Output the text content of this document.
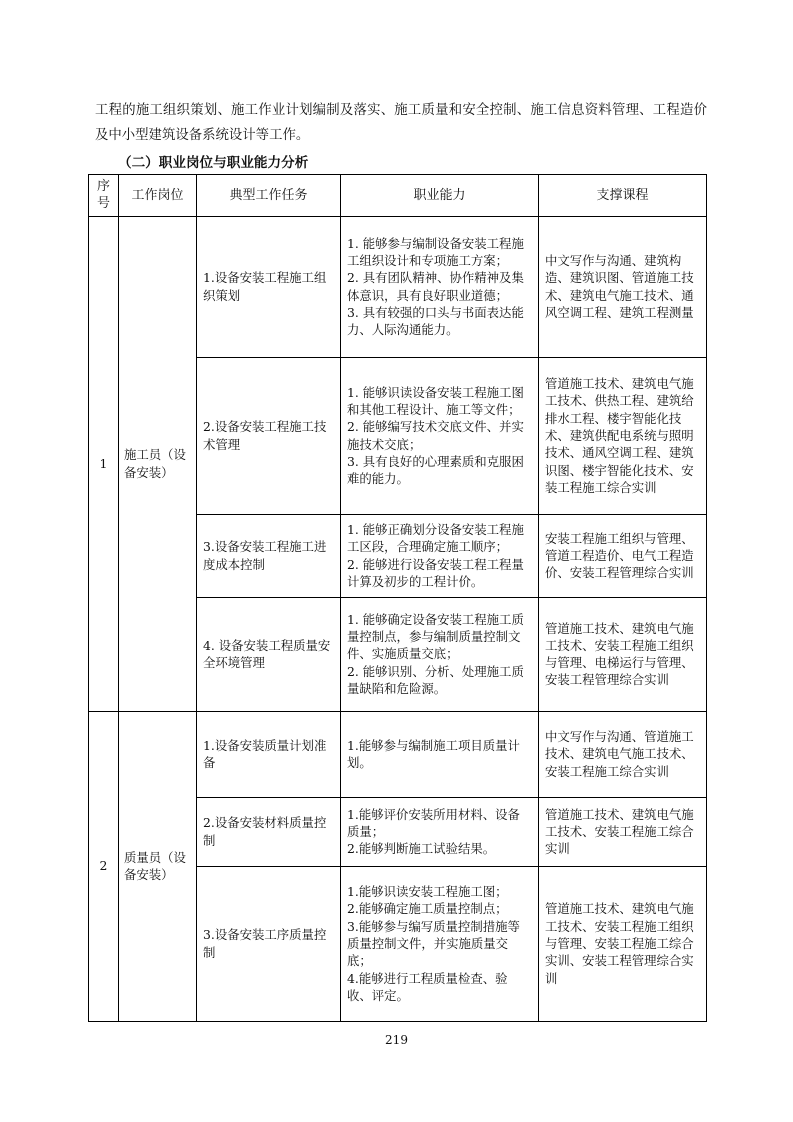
工程的施工组织策划、施工作业计划编制及落实、施工质量和安全控制、施工信息资料管理、工程造价及中小型建筑设备系统设计等工作。

（二）职业岗位与职业能力分析

序号	工作岗位	典型工作任务	职业能力	支撑课程
1	施工员（设备安装）	1.设备安装工程施工组织策划	1. 能够参与编制设备安装工程施工组织设计和专项施工方案；
2. 具有团队精神、协作精神及集体意识，具有良好职业道德；
3. 具有较强的口头与书面表达能力、人际沟通能力。	中文写作与沟通、建筑构造、建筑识图、管道施工技术、建筑电气施工技术、通风空调工程、建筑工程测量
		2.设备安装工程施工技术管理	1. 能够识读设备安装工程施工图和其他工程设计、施工等文件；
2. 能够编写技术交底文件、并实施技术交底；
3. 具有良好的心理素质和克服困难的能力。	管道施工技术、建筑电气施工技术、供热工程、建筑给排水工程、楼宇智能化技术、建筑供配电系统与照明技术、通风空调工程、建筑识图、楼宇智能化技术、安装工程施工综合实训
		3.设备安装工程施工进度成本控制	1. 能够正确划分设备安装工程施工区段，合理确定施工顺序；
2. 能够进行设备安装工程工程量计算及初步的工程计价。	安装工程施工组织与管理、管道工程造价、电气工程造价、安装工程管理综合实训
		4. 设备安装工程质量安全环境管理	1. 能够确定设备安装工程施工质量控制点，参与编制质量控制文件、实施质量交底；
2. 能够识别、分析、处理施工质量缺陷和危险源。	管道施工技术、建筑电气施工技术、安装工程施工组织与管理、电梯运行与管理、安装工程管理综合实训
2	质量员（设备安装）	1.设备安装质量计划准备	1.能够参与编制施工项目质量计划。	中文写作与沟通、管道施工技术、建筑电气施工技术、安装工程施工综合实训
		2.设备安装材料质量控制	1.能够评价安装所用材料、设备质量；
2.能够判断施工试验结果。	管道施工技术、建筑电气施工技术、安装工程施工综合实训
		3.设备安装工序质量控制	1.能够识读安装工程施工图；
2.能够确定施工质量控制点；
3.能够参与编写质量控制措施等质量控制文件，并实施质量交底；
4.能够进行工程质量检查、验收、评定。	管道施工技术、建筑电气施工技术、安装工程施工组织与管理、安装工程施工综合实训、安装工程管理综合实训

219
